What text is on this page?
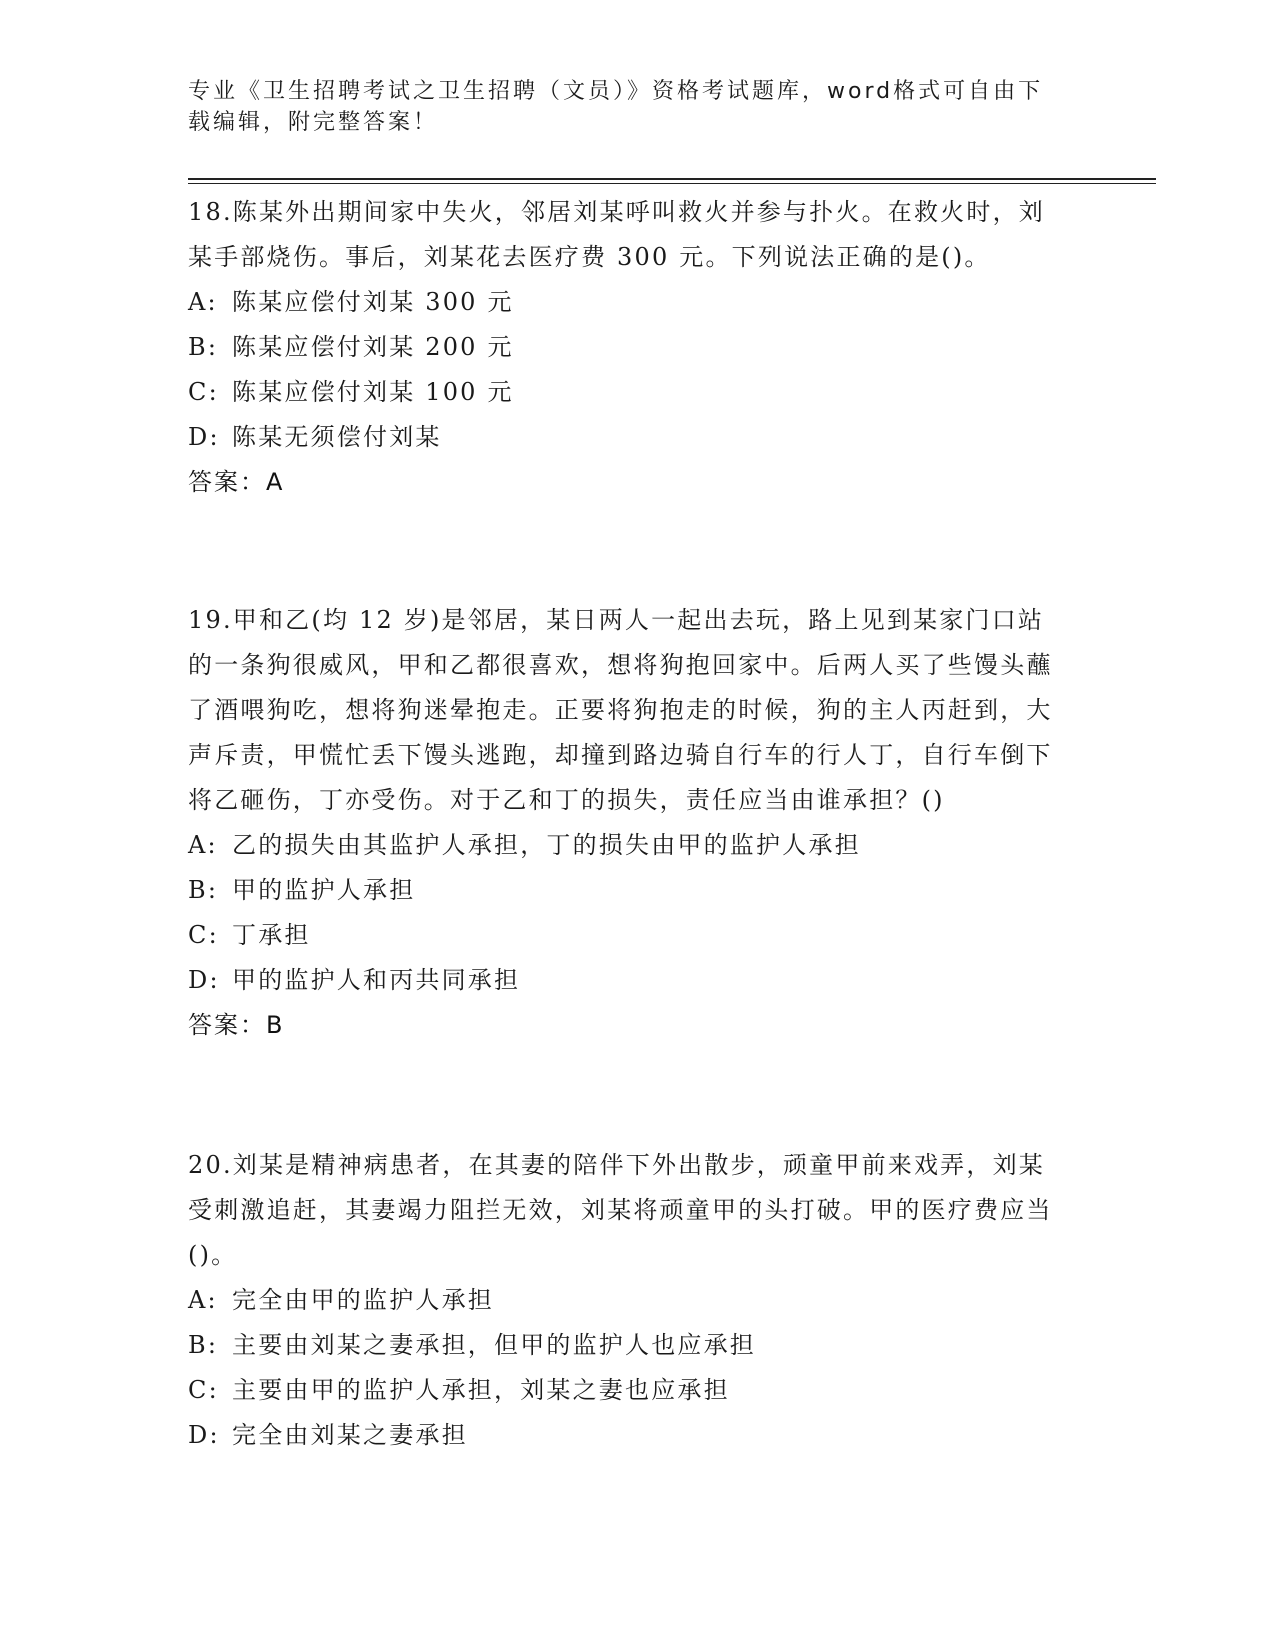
专业《卫生招聘考试之卫生招聘（文员）》资格考试题库，word格式可自由下载编辑，附完整答案！

18.陈某外出期间家中失火，邻居刘某呼叫救火并参与扑火。在救火时，刘某手部烧伤。事后，刘某花去医疗费 300 元。下列说法正确的是()。

A: 陈某应偿付刘某 300 元

B: 陈某应偿付刘某 200 元

C: 陈某应偿付刘某 100 元

D: 陈某无须偿付刘某

答案：A

19.甲和乙(均 12 岁)是邻居，某日两人一起出去玩，路上见到某家门口站的一条狗很威风，甲和乙都很喜欢，想将狗抱回家中。后两人买了些馒头蘸了酒喂狗吃，想将狗迷晕抱走。正要将狗抱走的时候，狗的主人丙赶到，大声斥责，甲慌忙丢下馒头逃跑，却撞到路边骑自行车的行人丁，自行车倒下将乙砸伤，丁亦受伤。对于乙和丁的损失，责任应当由谁承担？()

A: 乙的损失由其监护人承担，丁的损失由甲的监护人承担

B: 甲的监护人承担

C: 丁承担

D: 甲的监护人和丙共同承担

答案：B

20.刘某是精神病患者，在其妻的陪伴下外出散步，顽童甲前来戏弄，刘某受刺激追赶，其妻竭力阻拦无效，刘某将顽童甲的头打破。甲的医疗费应当()。

A: 完全由甲的监护人承担

B: 主要由刘某之妻承担，但甲的监护人也应承担

C: 主要由甲的监护人承担，刘某之妻也应承担

D: 完全由刘某之妻承担
